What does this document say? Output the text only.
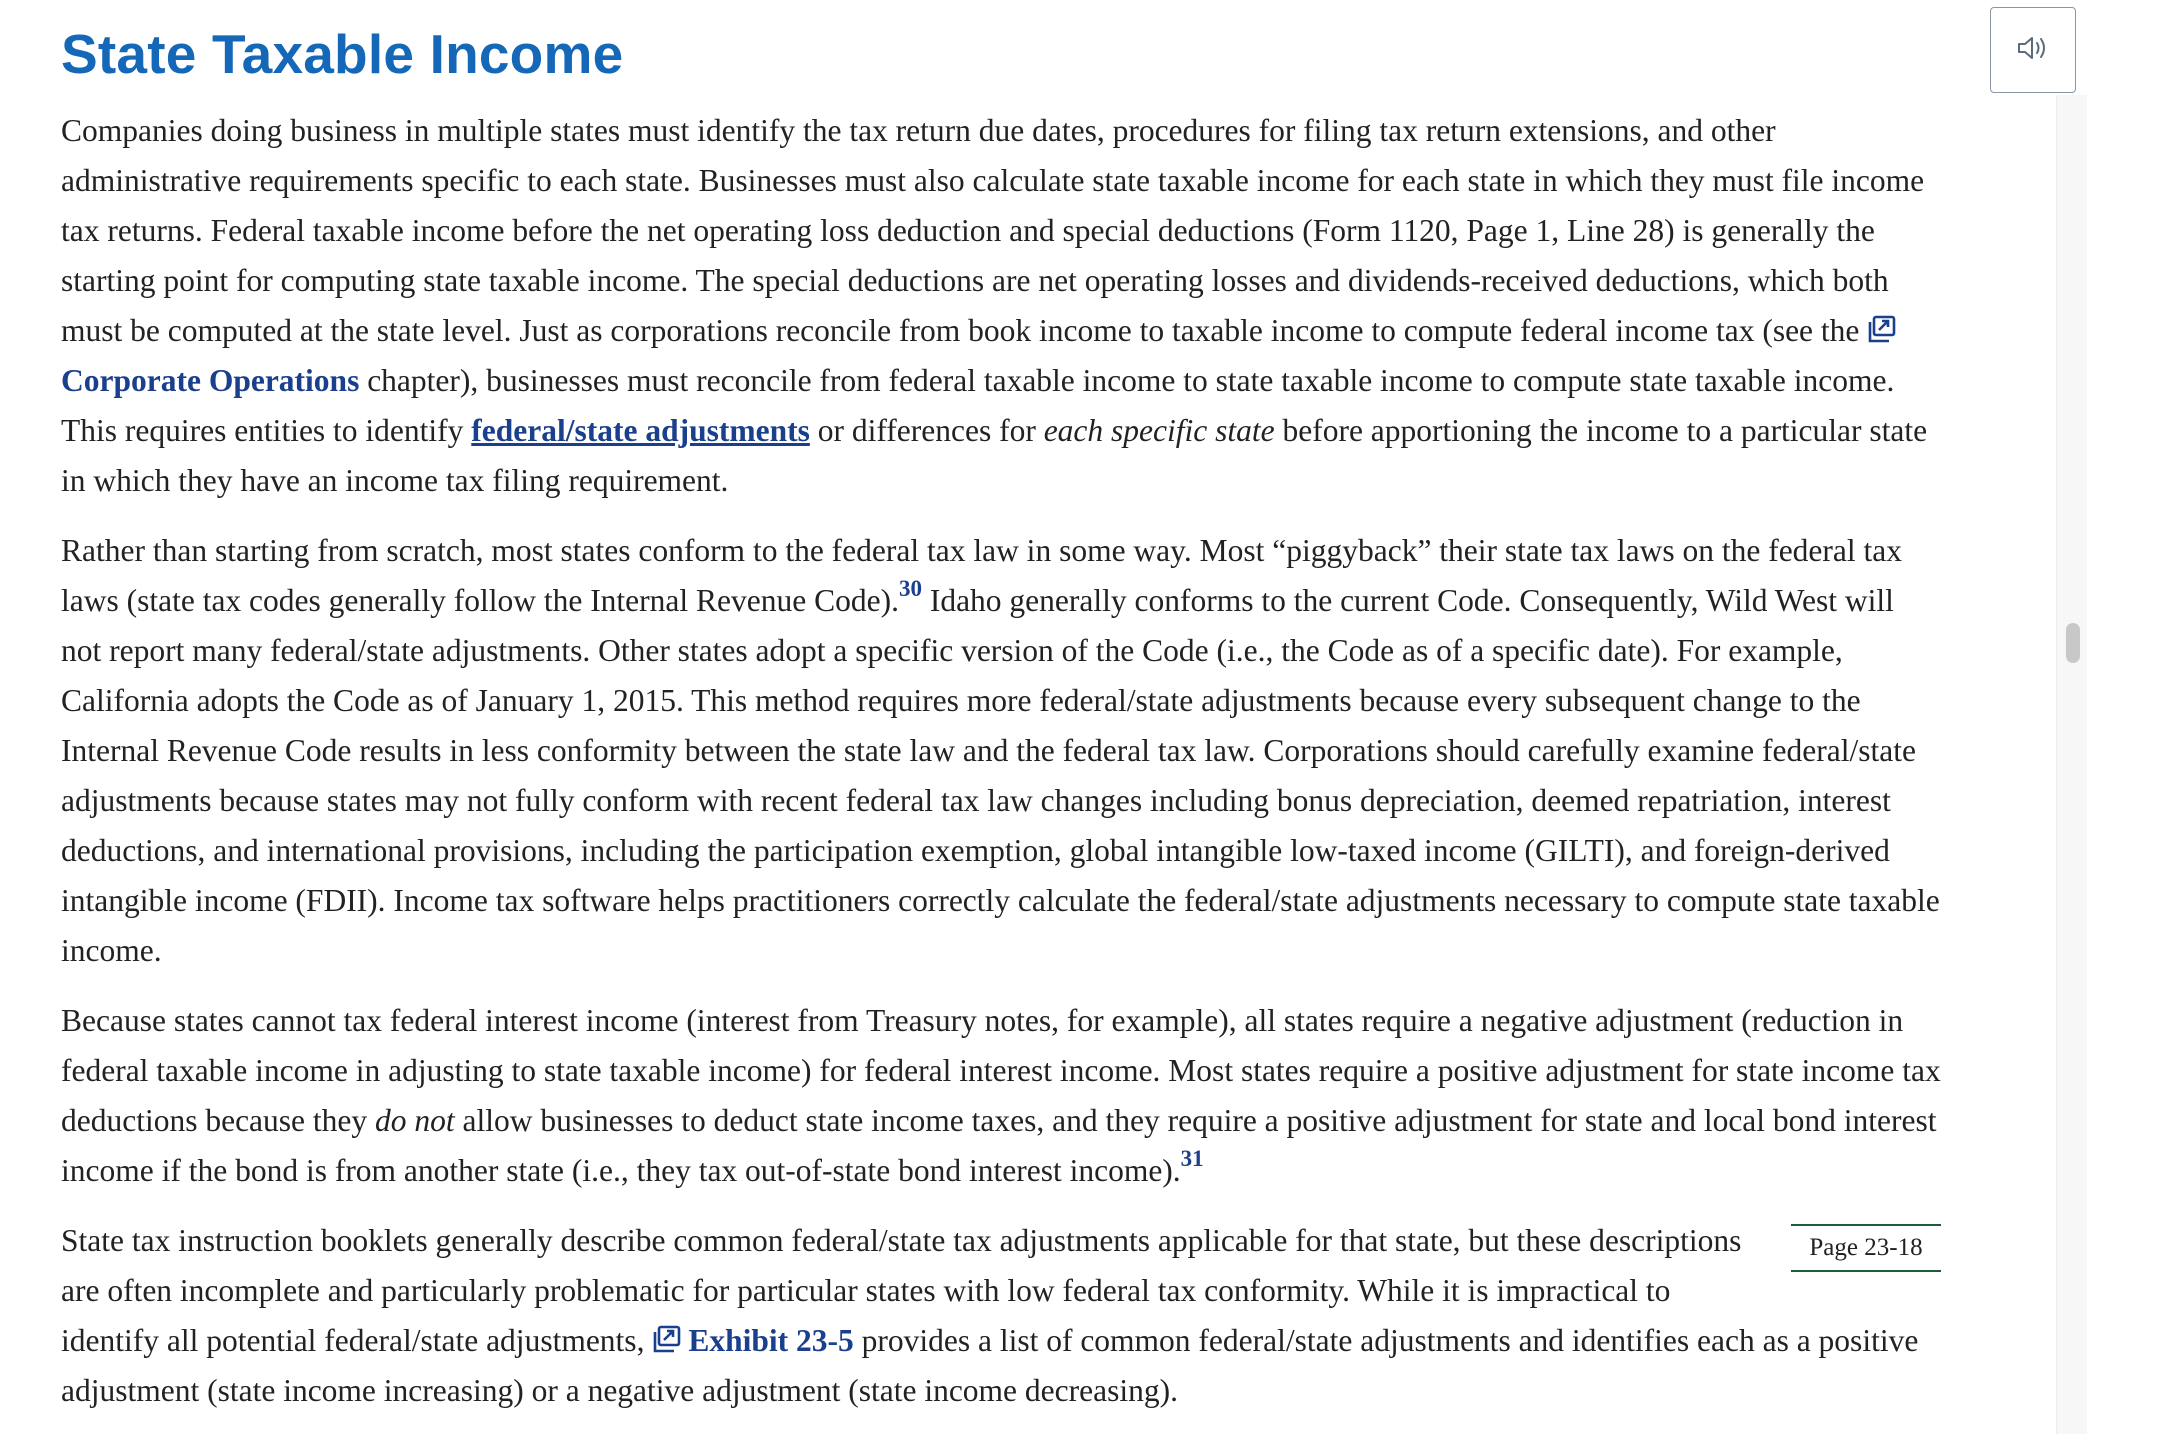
State Taxable Income

Companies doing business in multiple states must identify the tax return due dates, procedures for filing tax return extensions, and other administrative requirements specific to each state. Businesses must also calculate state taxable income for each state in which they must file income tax returns. Federal taxable income before the net operating loss deduction and special deductions (Form 1120, Page 1, Line 28) is generally the starting point for computing state taxable income. The special deductions are net operating losses and dividends-received deductions, which both must be computed at the state level. Just as corporations reconcile from book income to taxable income to compute federal income tax (see the Corporate Operations chapter), businesses must reconcile from federal taxable income to state taxable income to compute state taxable income. This requires entities to identify federal/state adjustments or differences for each specific state before apportioning the income to a particular state in which they have an income tax filing requirement.

Rather than starting from scratch, most states conform to the federal tax law in some way. Most “piggyback” their state tax laws on the federal tax laws (state tax codes generally follow the Internal Revenue Code).$^{30}$ Idaho generally conforms to the current Code. Consequently, Wild West will not report many federal/state adjustments. Other states adopt a specific version of the Code (i.e., the Code as of a specific date). For example, California adopts the Code as of January 1, 2015. This method requires more federal/state adjustments because every subsequent change to the Internal Revenue Code results in less conformity between the state law and the federal tax law. Corporations should carefully examine federal/state adjustments because states may not fully conform with recent federal tax law changes including bonus depreciation, deemed repatriation, interest deductions, and international provisions, including the participation exemption, global intangible low-taxed income (GILTI), and foreign-derived intangible income (FDII). Income tax software helps practitioners correctly calculate the federal/state adjustments necessary to compute state taxable income.

Because states cannot tax federal interest income (interest from Treasury notes, for example), all states require a negative adjustment (reduction in federal taxable income in adjusting to state taxable income) for federal interest income. Most states require a positive adjustment for state income tax deductions because they do not allow businesses to deduct state income taxes, and they require a positive adjustment for state and local bond interest income if the bond is from another state (i.e., they tax out-of-state bond interest income).$^{31}$

Page 23-18
State tax instruction booklets generally describe common federal/state tax adjustments applicable for that state, but these descriptions are often incomplete and particularly problematic for particular states with low federal tax conformity. While it is impractical to identify all potential federal/state adjustments, Exhibit 23-5 provides a list of common federal/state adjustments and identifies each as a positive adjustment (state income increasing) or a negative adjustment (state income decreasing).
